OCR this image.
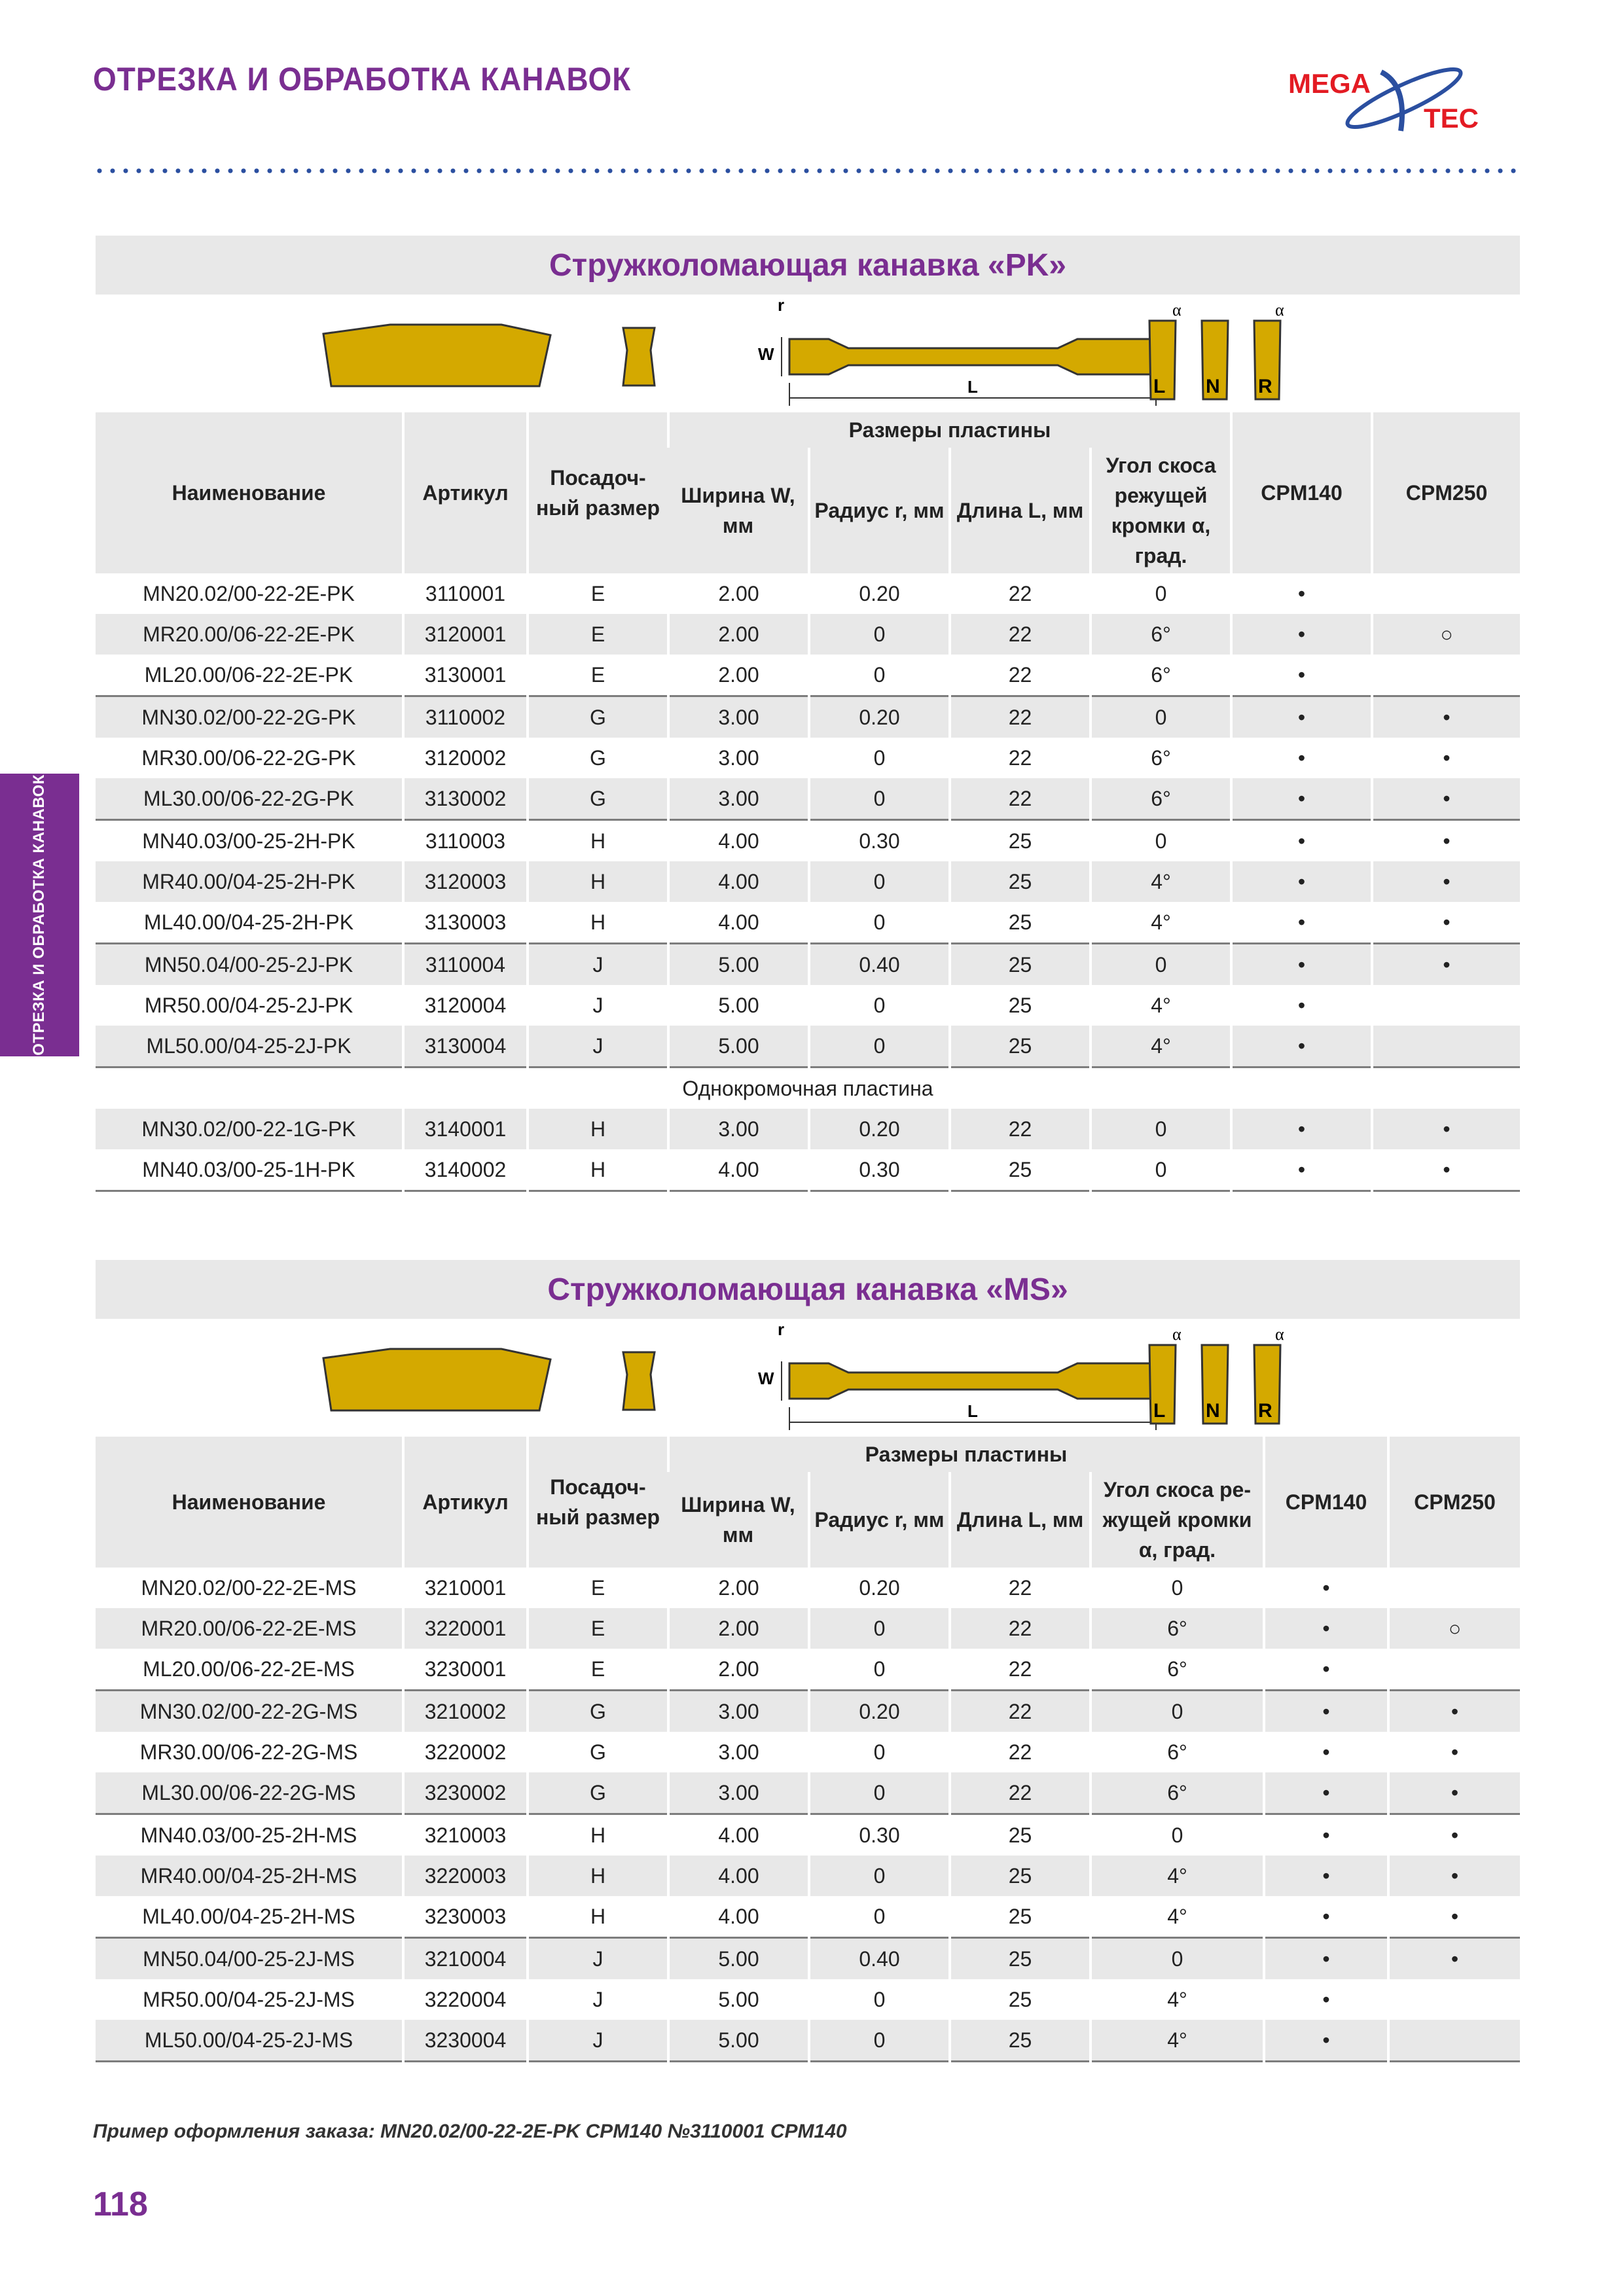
ОТРЕЗКА И ОБРАБОТКА КАНАВОК	MEGA
TEC
ОТРЕЗКА И ОБРАБОТКА КАНАВОК
Стружколомающая канавка «PK»
r
W
L
α	α
L N R
Наименование	Артикул	Посадоч- ный размер	Размеры пластины				CPM140	CPM250
			Ширина W, мм	Радиус r, мм	Длина L, мм	Угол скоса режущей кромки α, град.		
MN20.02/00-22-2E-PK	3110001	E	2.00	0.20	22	0	•	
MR20.00/06-22-2E-PK	3120001	E	2.00	0	22	6°	•	○
ML20.00/06-22-2E-PK	3130001	E	2.00	0	22	6°	•	
MN30.02/00-22-2G-PK	3110002	G	3.00	0.20	22	0	•	•
MR30.00/06-22-2G-PK	3120002	G	3.00	0	22	6°	•	•
ML30.00/06-22-2G-PK	3130002	G	3.00	0	22	6°	•	•
MN40.03/00-25-2H-PK	3110003	H	4.00	0.30	25	0	•	•
MR40.00/04-25-2H-PK	3120003	H	4.00	0	25	4°	•	•
ML40.00/04-25-2H-PK	3130003	H	4.00	0	25	4°	•	•
MN50.04/00-25-2J-PK	3110004	J	5.00	0.40	25	0	•	•
MR50.00/04-25-2J-PK	3120004	J	5.00	0	25	4°	•	
ML50.00/04-25-2J-PK	3130004	J	5.00	0	25	4°	•	
Однокромочная пластина								
MN30.02/00-22-1G-PK	3140001	H	3.00	0.20	22	0	•	•
MN40.03/00-25-1H-PK	3140002	H	4.00	0.30	25	0	•	•
Стружколомающая канавка «MS»
r
W
L
α	α
L N R
Наименование	Артикул	Посадоч- ный размер	Размеры пластины				CPM140	CPM250
			Ширина W, мм	Радиус r, мм	Длина L, мм	Угол скоса ре- жущей кромки α, град.		
MN20.02/00-22-2E-MS	3210001	E	2.00	0.20	22	0	•	
MR20.00/06-22-2E-MS	3220001	E	2.00	0	22	6°	•	○
ML20.00/06-22-2E-MS	3230001	E	2.00	0	22	6°	•	
MN30.02/00-22-2G-MS	3210002	G	3.00	0.20	22	0	•	•
MR30.00/06-22-2G-MS	3220002	G	3.00	0	22	6°	•	•
ML30.00/06-22-2G-MS	3230002	G	3.00	0	22	6°	•	•
MN40.03/00-25-2H-MS	3210003	H	4.00	0.30	25	0	•	•
MR40.00/04-25-2H-MS	3220003	H	4.00	0	25	4°	•	•
ML40.00/04-25-2H-MS	3230003	H	4.00	0	25	4°	•	•
MN50.04/00-25-2J-MS	3210004	J	5.00	0.40	25	0	•	•
MR50.00/04-25-2J-MS	3220004	J	5.00	0	25	4°	•	
ML50.00/04-25-2J-MS	3230004	J	5.00	0	25	4°	•	
Пример оформления заказа: MN20.02/00-22-2E-PK CPM140 №3110001 CPM140
118
